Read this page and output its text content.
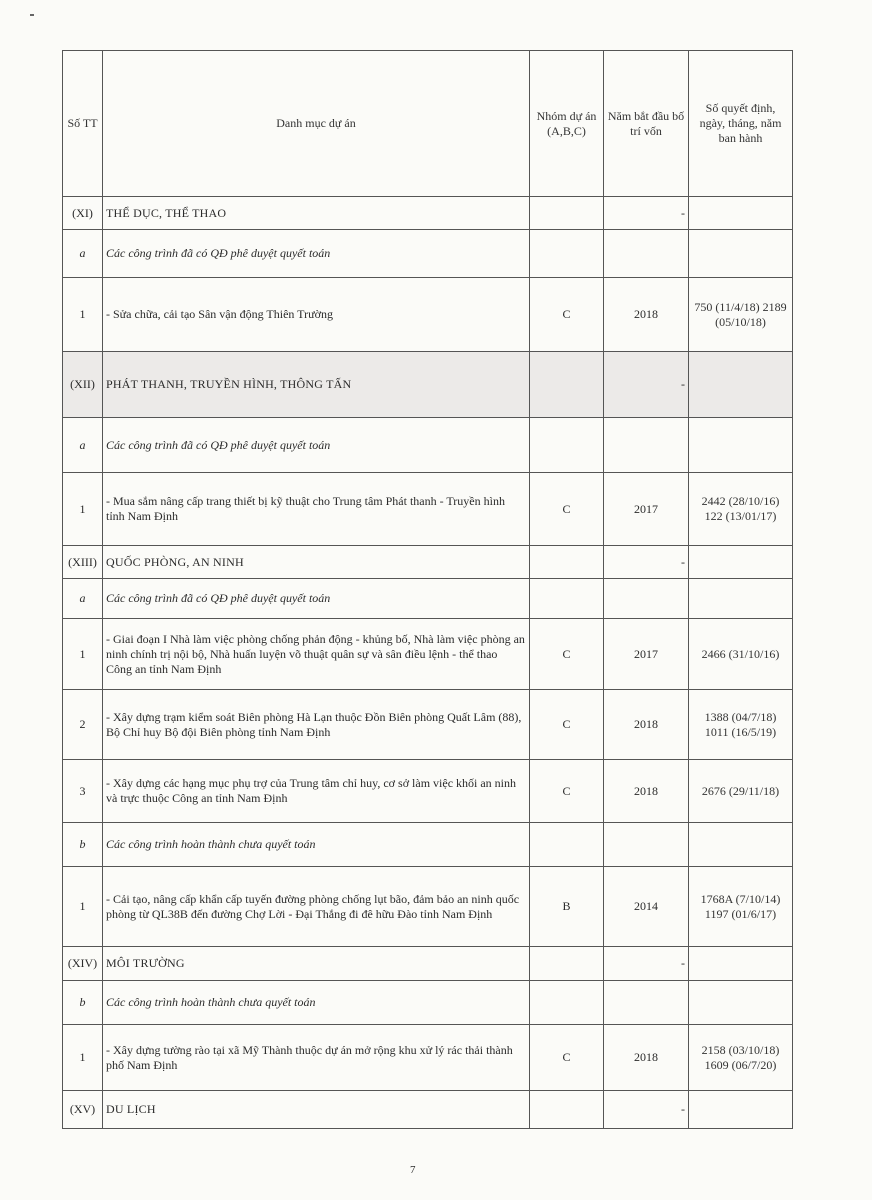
Số TT	Danh mục dự án	Nhóm dự án (A,B,C)	Năm bắt đầu bố trí vốn	Số quyết định, ngày, tháng, năm ban hành
(XI)	THỂ DỤC, THỂ THAO		-	
a	Các công trình đã có QĐ phê duyệt quyết toán			
1	- Sửa chữa, cải tạo Sân vận động Thiên Trường	C	2018	750 (11/4/18) 2189 (05/10/18)
(XII)	PHÁT THANH, TRUYỀN HÌNH, THÔNG TẤN		-	
a	Các công trình đã có QĐ phê duyệt quyết toán			
1	- Mua sắm nâng cấp trang thiết bị kỹ thuật cho Trung tâm Phát thanh - Truyền hình tỉnh Nam Định	C	2017	2442 (28/10/16) 122 (13/01/17)
(XIII)	QUỐC PHÒNG, AN NINH		-	
a	Các công trình đã có QĐ phê duyệt quyết toán			
1	- Giai đoạn I Nhà làm việc phòng chống phản động - khủng bố, Nhà làm việc phòng an ninh chính trị nội bộ, Nhà huấn luyện võ thuật quân sự và sân điều lệnh - thể thao Công an tỉnh Nam Định	C	2017	2466 (31/10/16)
2	- Xây dựng trạm kiểm soát Biên phòng Hà Lạn thuộc Đồn Biên phòng Quất Lâm (88), Bộ Chỉ huy Bộ đội Biên phòng tỉnh Nam Định	C	2018	1388 (04/7/18) 1011 (16/5/19)
3	- Xây dựng các hạng mục phụ trợ của Trung tâm chỉ huy, cơ sở làm việc khối an ninh và trực thuộc Công an tỉnh Nam Định	C	2018	2676 (29/11/18)
b	Các công trình hoàn thành chưa quyết toán			
1	- Cải tạo, nâng cấp khẩn cấp tuyến đường phòng chống lụt bão, đảm bảo an ninh quốc phòng từ QL38B đến đường Chợ Lời - Đại Thắng đi đê hữu Đào tỉnh Nam Định	B	2014	1768A (7/10/14) 1197 (01/6/17)
(XIV)	MÔI TRƯỜNG		-	
b	Các công trình hoàn thành chưa quyết toán			
1	- Xây dựng tường rào tại xã Mỹ Thành thuộc dự án mở rộng khu xử lý rác thải thành phố Nam Định	C	2018	2158 (03/10/18) 1609 (06/7/20)
(XV)	DU LỊCH		-	
7
